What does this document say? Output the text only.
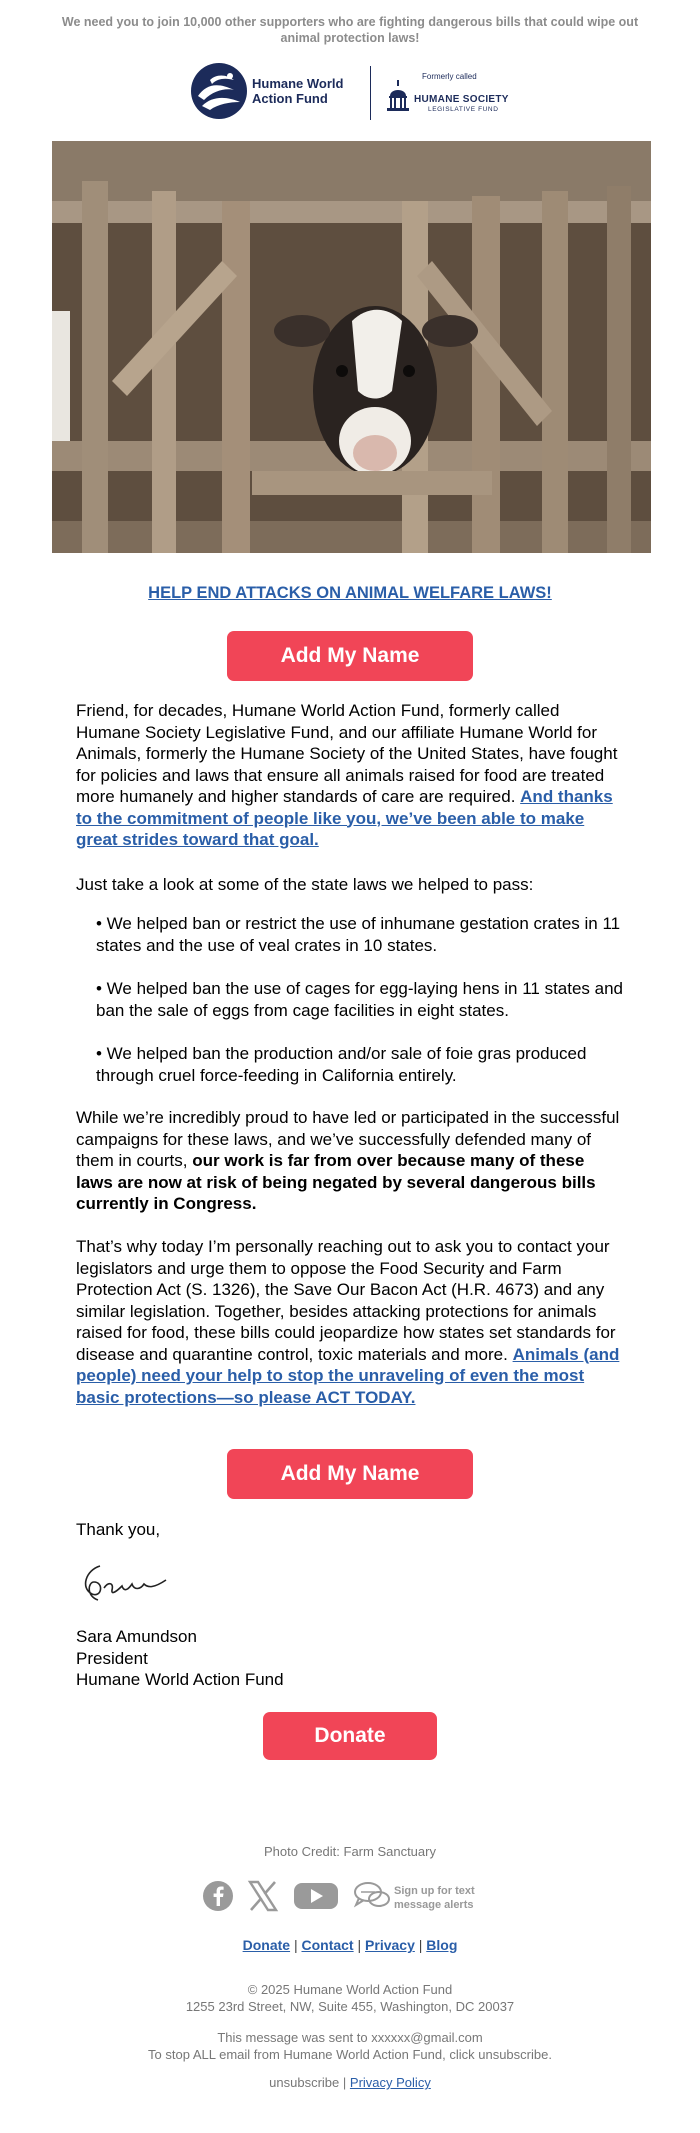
We need you to join 10,000 other supporters who are fighting dangerous bills that could wipe out animal protection laws!
Humane World
Action Fund
Formerly called
HUMANE SOCIETY
LEGISLATIVE FUND
HELP END ATTACKS ON ANIMAL WELFARE LAWS!
Add My Name
Friend, for decades, Humane World Action Fund, formerly called Humane Society Legislative Fund, and our affiliate Humane World for Animals, formerly the Humane Society of the United States, have fought for policies and laws that ensure all animals raised for food are treated more humanely and higher standards of care are required. And thanks to the commitment of people like you, we’ve been able to make great strides toward that goal.
Just take a look at some of the state laws we helped to pass:
• We helped ban or restrict the use of inhumane gestation crates in 11 states and the use of veal crates in 10 states.
• We helped ban the use of cages for egg-laying hens in 11 states and ban the sale of eggs from cage facilities in eight states.
• We helped ban the production and/or sale of foie gras produced through cruel force-feeding in California entirely.
While we’re incredibly proud to have led or participated in the successful campaigns for these laws, and we’ve successfully defended many of them in courts, our work is far from over because many of these laws are now at risk of being negated by several dangerous bills currently in Congress.
That’s why today I’m personally reaching out to ask you to contact your legislators and urge them to oppose the Food Security and Farm Protection Act (S. 1326), the Save Our Bacon Act (H.R. 4673) and any similar legislation. Together, besides attacking protections for animals raised for food, these bills could jeopardize how states set standards for disease and quarantine control, toxic materials and more. Animals (and people) need your help to stop the unraveling of even the most basic protections—so please ACT TODAY.
Add My Name
Thank you,
Sara Amundson
President
Humane World Action Fund
Donate
Photo Credit: Farm Sanctuary
Sign up for text
message alerts
Donate | Contact | Privacy | Blog
© 2025 Humane World Action Fund
1255 23rd Street, NW, Suite 455, Washington, DC 20037
This message was sent to xxxxxx@gmail.com
To stop ALL email from Humane World Action Fund, click unsubscribe.
unsubscribe | Privacy Policy
